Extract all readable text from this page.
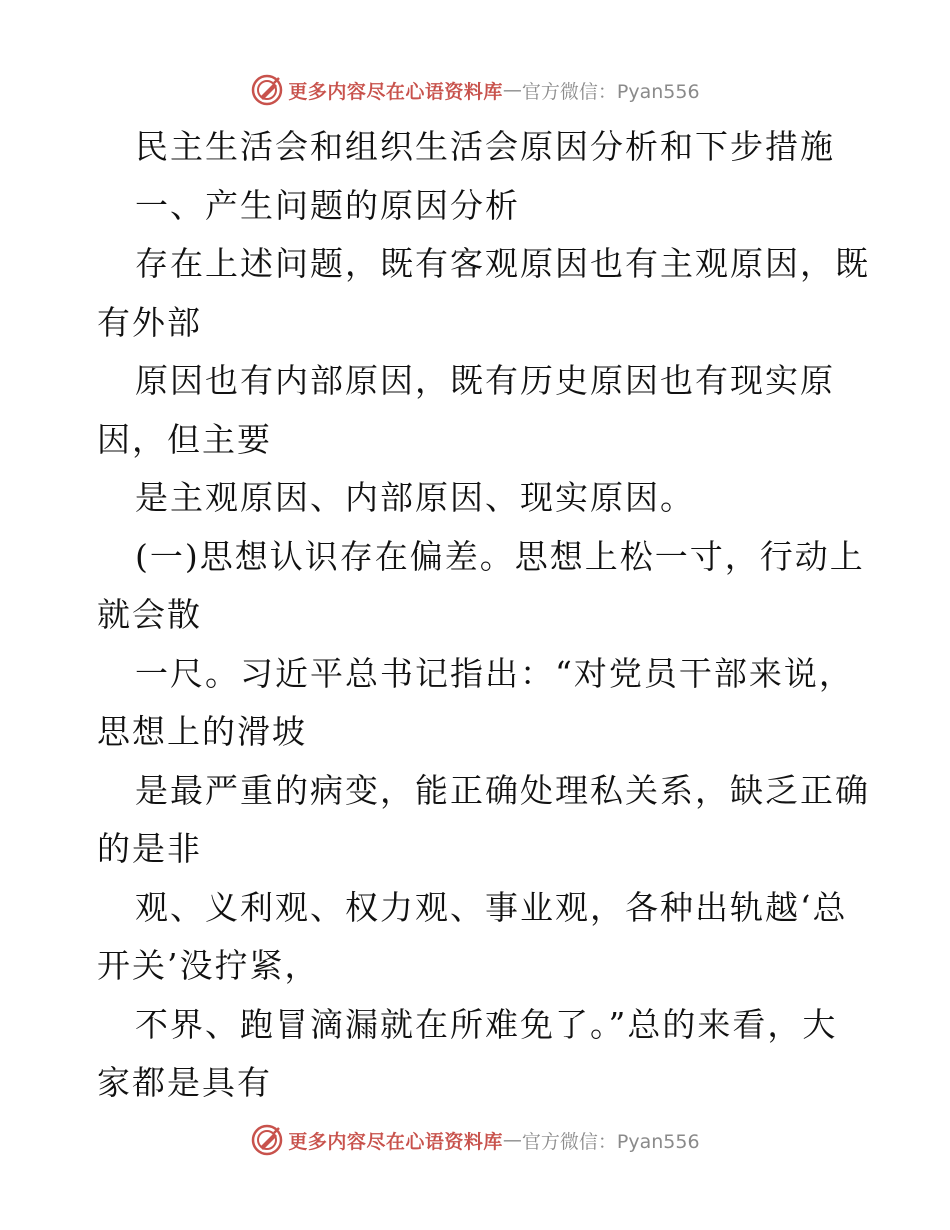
更多内容尽在心语资料库 — 官方微信：Pyan556
民主生活会和组织生活会原因分析和下步措施
一、产生问题的原因分析
存在上述问题，既有客观原因也有主观原因，既
有外部
原因也有内部原因，既有历史原因也有现实原
因，但主要
是主观原因、内部原因、现实原因。
(一)思想认识存在偏差。思想上松一寸，行动上
就会散
一尺。习近平总书记指出：“对党员干部来说，
思想上的滑坡
是最严重的病变，能正确处理私关系，缺乏正确
的是非
观、义利观、权力观、事业观，各种出轨越‘总
开关’没拧紧，
不界、跑冒滴漏就在所难免了。”总的来看，大
家都是具有
更多内容尽在心语资料库 — 官方微信：Pyan556
